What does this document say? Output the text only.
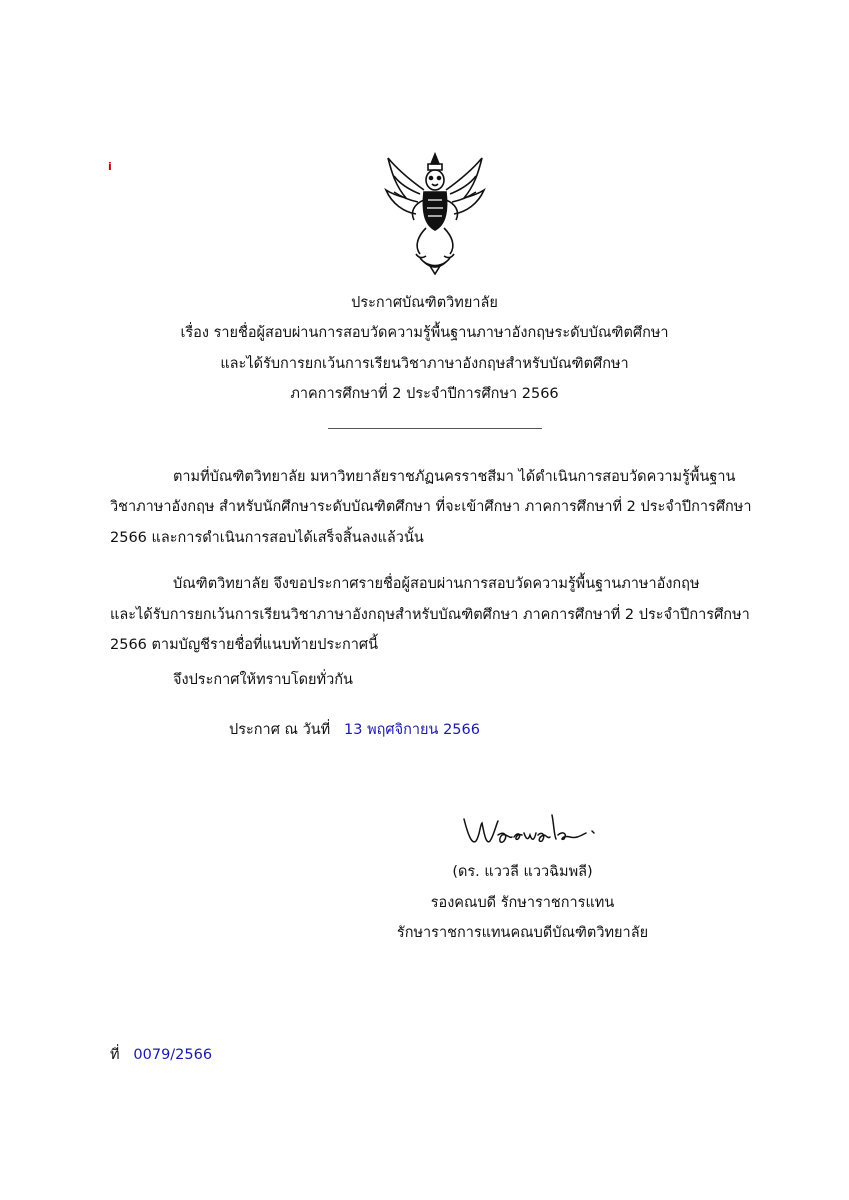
i
ประกาศบัณฑิตวิทยาลัย
เรื่อง รายชื่อผู้สอบผ่านการสอบวัดความรู้พื้นฐานภาษาอังกฤษระดับบัณฑิตศึกษา
และได้รับการยกเว้นการเรียนวิชาภาษาอังกฤษสำหรับบัณฑิตศึกษา
ภาคการศึกษาที่ 2 ประจำปีการศึกษา 2566
ตามที่บัณฑิตวิทยาลัย มหาวิทยาลัยราชภัฏนครราชสีมา ได้ดำเนินการสอบวัดความรู้พื้นฐาน
วิชาภาษาอังกฤษ สำหรับนักศึกษาระดับบัณฑิตศึกษา ที่จะเข้าศึกษา ภาคการศึกษาที่ 2 ประจำปีการศึกษา
2566 และการดำเนินการสอบได้เสร็จสิ้นลงแล้วนั้น
บัณฑิตวิทยาลัย จึงขอประกาศรายชื่อผู้สอบผ่านการสอบวัดความรู้พื้นฐานภาษาอังกฤษ
และได้รับการยกเว้นการเรียนวิชาภาษาอังกฤษสำหรับบัณฑิตศึกษา ภาคการศึกษาที่ 2 ประจำปีการศึกษา
2566 ตามบัญชีรายชื่อที่แนบท้ายประกาศนี้
จึงประกาศให้ทราบโดยทั่วกัน
ประกาศ ณ วันที่ 13 พฤศจิกายน 2566
(ดร. แววลี แววฉิมพลี)
รองคณบดี รักษาราชการแทน
รักษาราชการแทนคณบดีบัณฑิตวิทยาลัย
ที่ 0079/2566
